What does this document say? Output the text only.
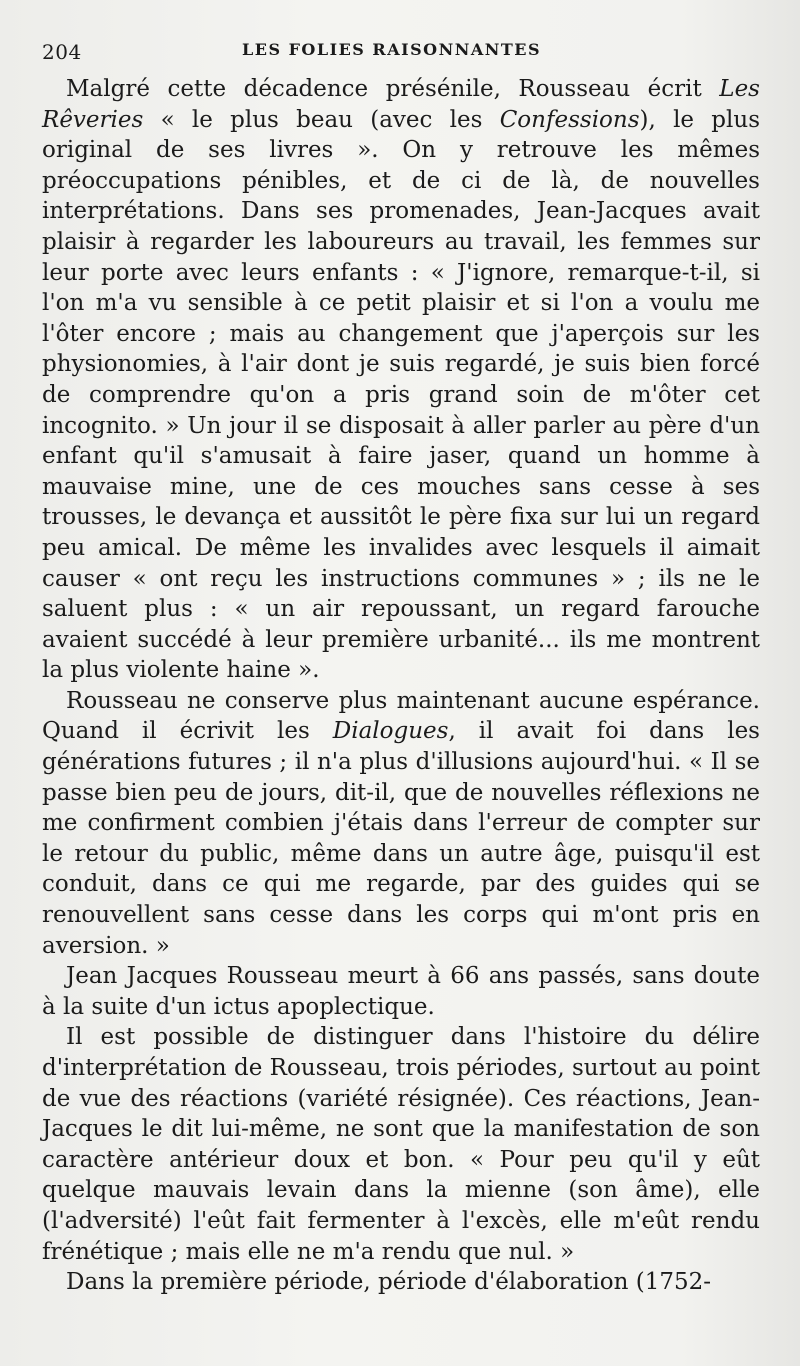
204	LES FOLIES RAISONNANTES

Malgré cette décadence présénile, Rousseau écrit Les Rêveries « le plus beau (avec les Confessions), le plus original de ses livres ». On y retrouve les mêmes préoccupations pénibles, et de ci de là, de nouvelles interprétations. Dans ses promenades, Jean-Jacques avait plaisir à regarder les laboureurs au travail, les femmes sur leur porte avec leurs enfants : « J'ignore, remarque-t-il, si l'on m'a vu sensible à ce petit plaisir et si l'on a voulu me l'ôter encore ; mais au changement que j'aperçois sur les physionomies, à l'air dont je suis regardé, je suis bien forcé de comprendre qu'on a pris grand soin de m'ôter cet incognito. » Un jour il se disposait à aller parler au père d'un enfant qu'il s'amusait à faire jaser, quand un homme à mauvaise mine, une de ces mouches sans cesse à ses trousses, le devança et aussitôt le père fixa sur lui un regard peu amical. De même les invalides avec lesquels il aimait causer « ont reçu les instructions communes » ; ils ne le saluent plus : « un air repoussant, un regard farouche avaient succédé à leur première urbanité... ils me montrent la plus violente haine ».

Rousseau ne conserve plus maintenant aucune espérance. Quand il écrivit les Dialogues, il avait foi dans les générations futures ; il n'a plus d'illusions aujourd'hui. « Il se passe bien peu de jours, dit-il, que de nouvelles réflexions ne me confirment combien j'étais dans l'erreur de compter sur le retour du public, même dans un autre âge, puisqu'il est conduit, dans ce qui me regarde, par des guides qui se renouvellent sans cesse dans les corps qui m'ont pris en aversion. »

Jean Jacques Rousseau meurt à 66 ans passés, sans doute à la suite d'un ictus apoplectique.

Il est possible de distinguer dans l'histoire du délire d'interprétation de Rousseau, trois périodes, surtout au point de vue des réactions (variété résignée). Ces réactions, Jean-Jacques le dit lui-même, ne sont que la manifestation de son caractère antérieur doux et bon. « Pour peu qu'il y eût quelque mauvais levain dans la mienne (son âme), elle (l'adversité) l'eût fait fermenter à l'excès, elle m'eût rendu frénétique ; mais elle ne m'a rendu que nul. »

Dans la première période, période d'élaboration (1752-
